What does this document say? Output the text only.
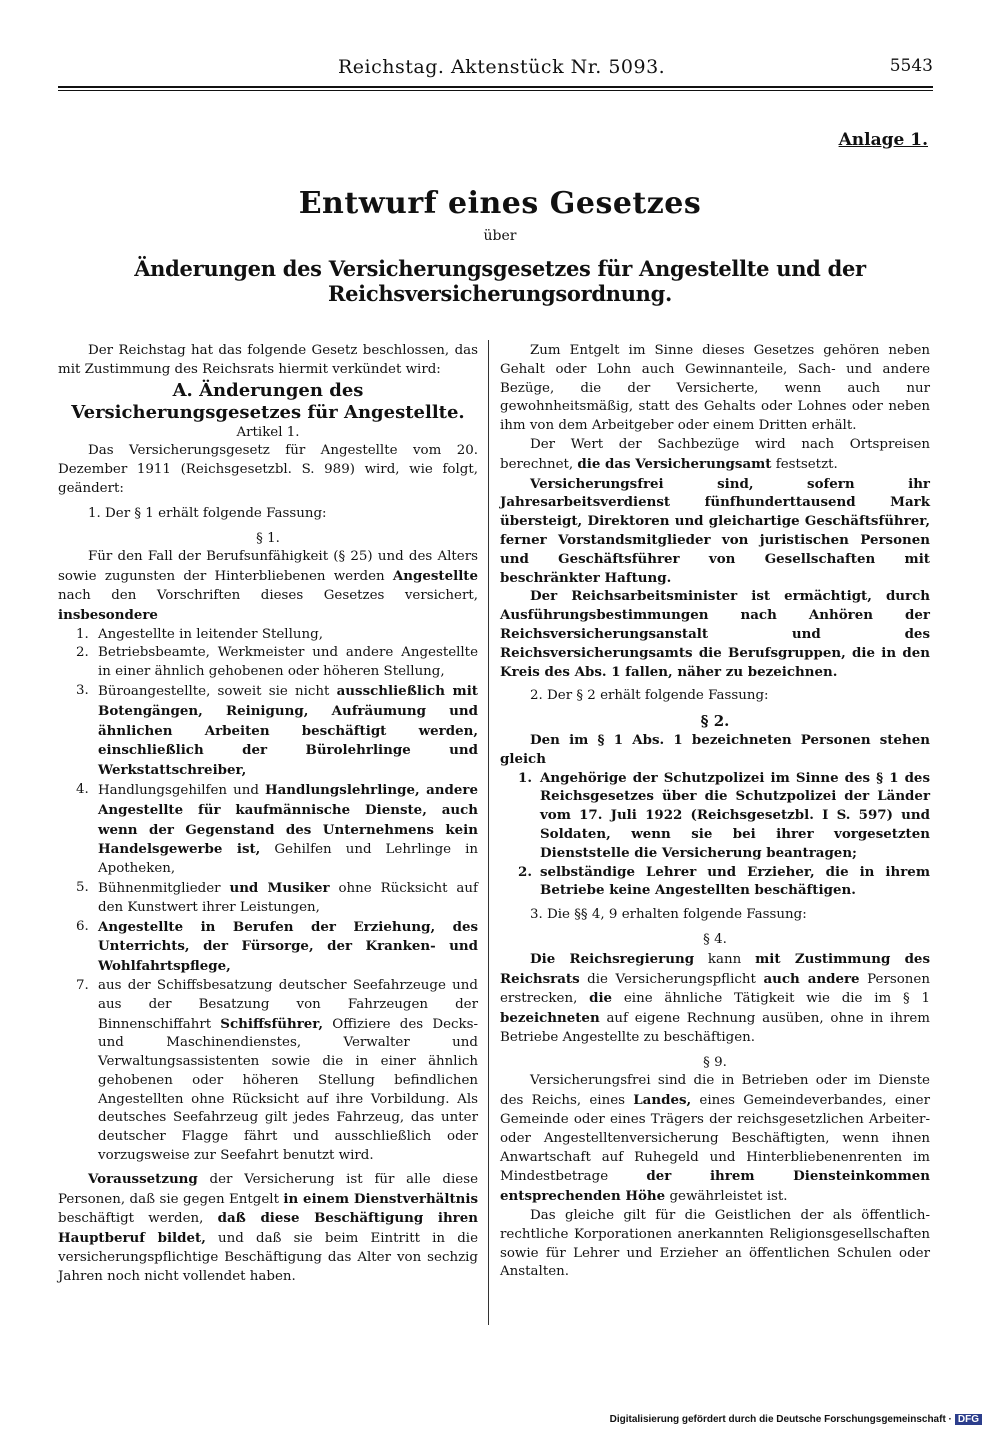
Reichstag. Aktenstück Nr. 5093.	5543
Anlage 1.
Entwurf eines Gesetzes
über
Änderungen des Versicherungsgesetzes für Angestellte und der Reichsversicherungsordnung.

Der Reichstag hat das folgende Gesetz beschlossen, das mit Zustimmung des Reichsrats hiermit verkündet wird:

A. Änderungen des Versicherungsgesetzes für Angestellte.

Artikel 1.

Das Versicherungsgesetz für Angestellte vom 20. Dezember 1911 (Reichsgesetzbl. S. 989) wird, wie folgt, geändert:

1. Der § 1 erhält folgende Fassung:

§ 1.

Für den Fall der Berufsunfähigkeit (§ 25) und des Alters sowie zugunsten der Hinterbliebenen werden Angestellte nach den Vorschriften dieses Gesetzes versichert, insbesondere

1. Angestellte in leitender Stellung,
2. Betriebsbeamte, Werkmeister und andere Angestellte in einer ähnlich gehobenen oder höheren Stellung,
3. Büroangestellte, soweit sie nicht ausschließlich mit Botengängen, Reinigung, Aufräumung und ähnlichen Arbeiten beschäftigt werden, einschließlich der Bürolehrlinge und Werkstattschreiber,
4. Handlungsgehilfen und Handlungslehrlinge, andere Angestellte für kaufmännische Dienste, auch wenn der Gegenstand des Unternehmens kein Handelsgewerbe ist, Gehilfen und Lehrlinge in Apotheken,
5. Bühnenmitglieder und Musiker ohne Rücksicht auf den Kunstwert ihrer Leistungen,
6. Angestellte in Berufen der Erziehung, des Unterrichts, der Fürsorge, der Kranken- und Wohlfahrtspflege,
7. aus der Schiffsbesatzung deutscher Seefahrzeuge und aus der Besatzung von Fahrzeugen der Binnenschiffahrt Schiffsführer, Offiziere des Decks- und Maschinendienstes, Verwalter und Verwaltungsassistenten sowie die in einer ähnlich gehobenen oder höheren Stellung befindlichen Angestellten ohne Rücksicht auf ihre Vorbildung. Als deutsches Seefahrzeug gilt jedes Fahrzeug, das unter deutscher Flagge fährt und ausschließlich oder vorzugsweise zur Seefahrt benutzt wird.

Voraussetzung der Versicherung ist für alle diese Personen, daß sie gegen Entgelt in einem Dienstverhältnis beschäftigt werden, daß diese Beschäftigung ihren Hauptberuf bildet, und daß sie beim Eintritt in die versicherungspflichtige Beschäftigung das Alter von sechzig Jahren noch nicht vollendet haben.

Zum Entgelt im Sinne dieses Gesetzes gehören neben Gehalt oder Lohn auch Gewinnanteile, Sach- und andere Bezüge, die der Versicherte, wenn auch nur gewohnheitsmäßig, statt des Gehalts oder Lohnes oder neben ihm von dem Arbeitgeber oder einem Dritten erhält.

Der Wert der Sachbezüge wird nach Ortspreisen berechnet, die das Versicherungsamt festsetzt.

Versicherungsfrei sind, sofern ihr Jahresarbeitsverdienst fünfhunderttausend Mark übersteigt, Direktoren und gleichartige Geschäftsführer, ferner Vorstandsmitglieder von juristischen Personen und Geschäftsführer von Gesellschaften mit beschränkter Haftung.

Der Reichsarbeitsminister ist ermächtigt, durch Ausführungsbestimmungen nach Anhören der Reichsversicherungsanstalt und des Reichsversicherungsamts die Berufsgruppen, die in den Kreis des Abs. 1 fallen, näher zu bezeichnen.

2. Der § 2 erhält folgende Fassung:

§ 2.

Den im § 1 Abs. 1 bezeichneten Personen stehen gleich

1. Angehörige der Schutzpolizei im Sinne des § 1 des Reichsgesetzes über die Schutzpolizei der Länder vom 17. Juli 1922 (Reichsgesetzbl. I S. 597) und Soldaten, wenn sie bei ihrer vorgesetzten Dienststelle die Versicherung beantragen;
2. selbständige Lehrer und Erzieher, die in ihrem Betriebe keine Angestellten beschäftigen.

3. Die §§ 4, 9 erhalten folgende Fassung:

§ 4.

Die Reichsregierung kann mit Zustimmung des Reichsrats die Versicherungspflicht auch andere Personen erstrecken, die eine ähnliche Tätigkeit wie die im § 1 bezeichneten auf eigene Rechnung ausüben, ohne in ihrem Betriebe Angestellte zu beschäftigen.

§ 9.

Versicherungsfrei sind die in Betrieben oder im Dienste des Reichs, eines Landes, eines Gemeindeverbandes, einer Gemeinde oder eines Trägers der reichsgesetzlichen Arbeiter- oder Angestelltenversicherung Beschäftigten, wenn ihnen Anwartschaft auf Ruhegeld und Hinterbliebenenrenten im Mindestbetrage der ihrem Diensteinkommen entsprechenden Höhe gewährleistet ist.

Das gleiche gilt für die Geistlichen der als öffentlich-rechtliche Korporationen anerkannten Religionsgesellschaften sowie für Lehrer und Erzieher an öffentlichen Schulen oder Anstalten.

Digitalisierung gefördert durch die Deutsche Forschungsgemeinschaft · DFG
